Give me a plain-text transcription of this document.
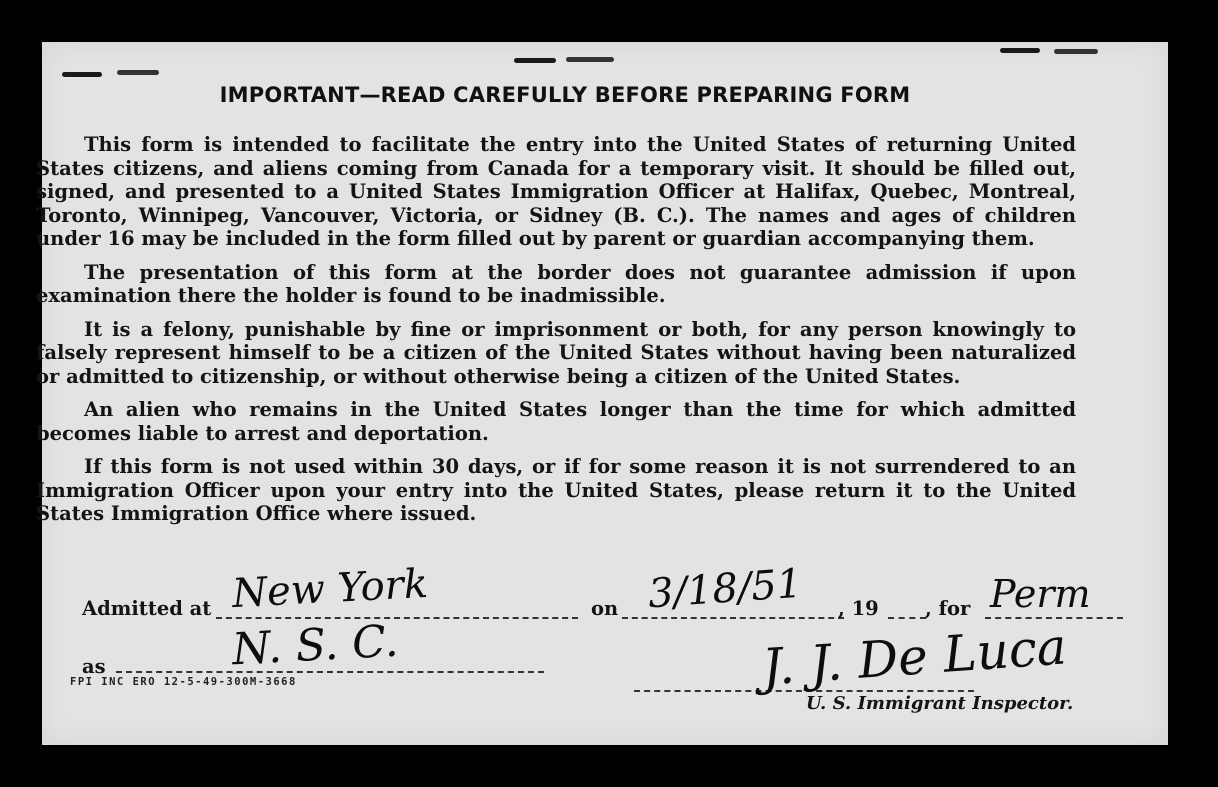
IMPORTANT—READ CAREFULLY BEFORE PREPARING FORM

This form is intended to facilitate the entry into the United States of returning United States citizens, and aliens coming from Canada for a temporary visit. It should be filled out, signed, and presented to a United States Immigration Officer at Halifax, Quebec, Montreal, Toronto, Winnipeg, Vancouver, Victoria, or Sidney (B. C.). The names and ages of children under 16 may be included in the form filled out by parent or guardian accompanying them.

The presentation of this form at the border does not guarantee admission if upon examination there the holder is found to be inadmissible.

It is a felony, punishable by fine or imprisonment or both, for any person knowingly to falsely represent himself to be a citizen of the United States without having been naturalized or admitted to citizenship, or without otherwise being a citizen of the United States.

An alien who remains in the United States longer than the time for which admitted becomes liable to arrest and deportation.

If this form is not used within 30 days, or if for some reason it is not surrendered to an Immigration Officer upon your entry into the United States, please return it to the United States Immigration Office where issued.

Admitted at New York	on 3/18/51 , 19 , for Perm
as	N. S. C.	J. J. De Luca
U. S. Immigrant Inspector.
FPI INC ERO 12-5-49-300M-3668
